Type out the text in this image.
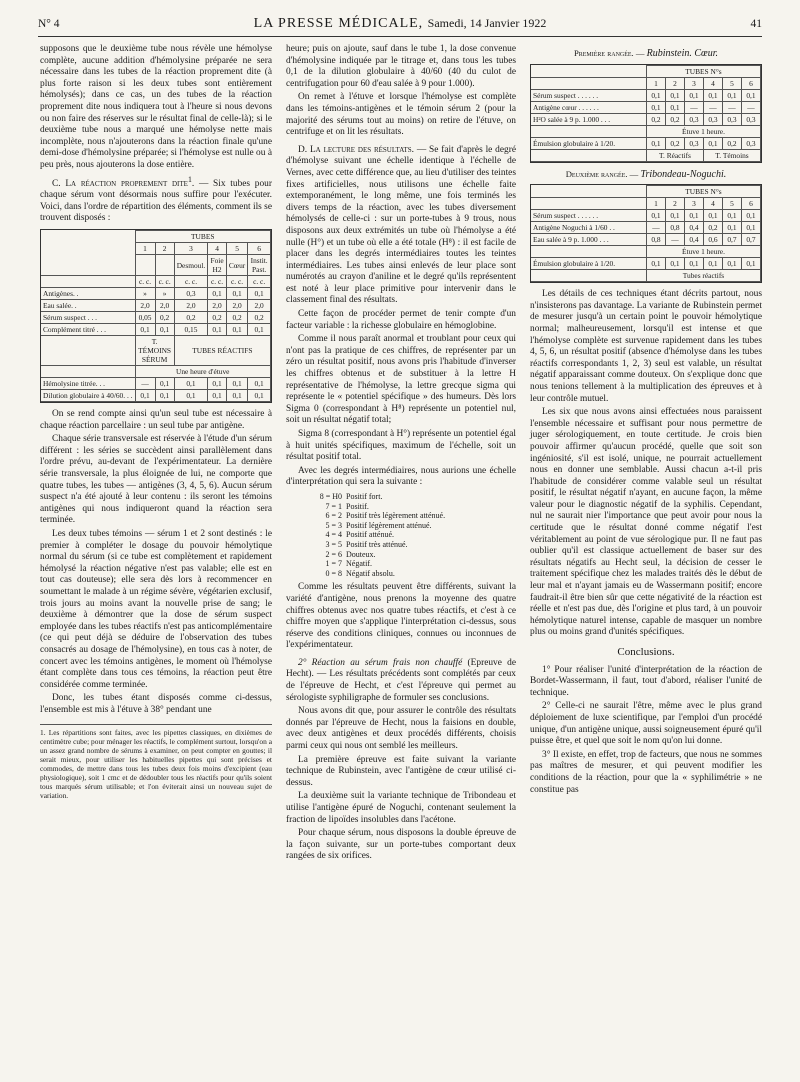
N° 4	LA PRESSE MÉDICALE, Samedi, 14 Janvier 1922	41

supposons que le deuxième tube nous révèle une hémolyse complète, aucune addition d'hémolysine préparée ne sera nécessaire dans les tubes de la réaction proprement dite (à plus forte raison si les deux tubes sont entièrement hémolysés); dans ce cas, un des tubes de la réaction proprement dite nous indiquera tout à l'heure si nous devons ou non faire des réserves sur le résultat final de celle-là); si le deuxième tube nous a marqué une hémolyse nette mais incomplète, nous n'ajouterons dans la réaction finale qu'une demi-dose d'hémolysine préparée; si l'hémolyse est nulle ou à peu près, nous ajouterons la dose entière.

C. La réaction proprement dite$^1$. — Six tubes pour chaque sérum vont désormais nous suffire pour l'exécuter. Voici, dans l'ordre de répartition des éléments, comment ils se trouvent disposés :

	TUBES					
	1	2	3	4	5	6
			Desmoul.	Foie H2	Cœur	Instit. Past.
	c. c.	c. c.	c. c.	c. c.	c. c.	c. c.
Antigènes. .	»	»	0,3	0,1	0,1	0,1
Eau salée. .	2,0	2,0	2,0	2,0	2,0	2,0
Sérum suspect . . .	0,05	0,2	0,2	0,2	0,2	0,2
Complément titré . . .	0,1	0,1	0,15	0,1	0,1	0,1
	T. TÉMOINS SÉRUM		TUBES RÉACTIFS			
	Une heure d'étuve					
Hémolysine titrée. . .	—	0,1	0,1	0,1	0,1	0,1
Dilution globulaire à 40/60. . .	0,1	0,1	0,1	0,1	0,1	0,1

On se rend compte ainsi qu'un seul tube est nécessaire à chaque réaction parcellaire : un seul tube par antigène.

Chaque série transversale est réservée à l'étude d'un sérum différent : les séries se succèdent ainsi parallèlement dans l'ordre prévu, au-devant de l'expérimentateur. La dernière série transversale, la plus éloignée de lui, ne comporte que quatre tubes, les tubes — antigènes (3, 4, 5, 6). Aucun sérum suspect n'a été ajouté à leur contenu : ils seront les témoins antigènes qui nous indiqueront quand la réaction sera terminée.

Les deux tubes témoins — sérum 1 et 2 sont destinés : le premier à compléter le dosage du pouvoir hémolytique normal du sérum (si ce tube est complètement et rapidement hémolysé la réaction négative n'est pas valable; elle est en tout cas douteuse); elle sera dès lors à recommencer en soumettant le malade à un régime sévère, végétarien exclusif, trois jours au moins avant la nouvelle prise de sang; le deuxième à démontrer que la dose de sérum suspect employée dans les tubes réactifs n'est pas anticomplémentaire (ce qui peut déjà se déduire de l'observation des tubes consacrés au dosage de l'hémolysine), en tous cas à noter, de concert avec les témoins antigènes, le moment où l'hémolyse étant complète dans tous ces témoins, la réaction peut être considérée comme terminée.

Donc, les tubes étant disposés comme ci-dessus, l'ensemble est mis à l'étuve à 38° pendant une

1. Les répartitions sont faites, avec les pipettes classiques, en dixièmes de centimètre cube; pour ménager les réactifs, le complément surtout, lorsqu'on a un assez grand nombre de sérums à examiner, on peut compter en gouttes; il serait mieux, pour utiliser les habituelles pipettes qui sont précises et commodes, de mettre dans tous les tubes deux fois moins d'excipient (eau physiologique), soit 1 cmc et de dédoubler tous les réactifs pour qu'ils soient tous marqués sérum utilisable; et l'on éviterait ainsi un nouveau sujet de variation.

heure; puis on ajoute, sauf dans le tube 1, la dose convenue d'hémolysine indiquée par le titrage et, dans tous les tubes 0,1 de la dilution globulaire à 40/60 (40 du culot de centrifugation pour 60 d'eau salée à 9 pour 1.000).

On remet à l'étuve et lorsque l'hémolyse est complète dans les témoins-antigènes et le témoin sérum 2 (pour la majorité des sérums tout au moins) on retire de l'étuve, on centrifuge et on lit les résultats.

D. La lecture des résultats. — Se fait d'après le degré d'hémolyse suivant une échelle identique à l'échelle de Vernes, avec cette différence que, au lieu d'utiliser des teintes fixes artificielles, nous utilisons une échelle faite extemporanément, le long même, une fois terminés les divers temps de la réaction, avec les tubes diversement hémolysés de celle-ci : sur un porte-tubes à 9 trous, nous disposons aux deux extrémités un tube où l'hémolyse a été nulle (H°) et un tube où elle a été totale (H⁸) : il est facile de placer dans les degrés intermédiaires toutes les teintes intermédiaires. Les tubes ainsi enlevés de leur place sont numérotés au crayon d'aniline et le degré qu'ils représentent est noté à leur place primitive pour intervenir dans le classement final des résultats.

Cette façon de procéder permet de tenir compte d'un facteur variable : la richesse globulaire en hémoglobine.

Comme il nous paraît anormal et troublant pour ceux qui n'ont pas la pratique de ces chiffres, de représenter par un zéro un résultat positif, nous avons pris l'habitude d'inverser les chiffres obtenus et de substituer à la lettre H représentative de l'hémolyse, la lettre grecque sigma qui représente le « potentiel spécifique » des humeurs. Dès lors Sigma 0 (correspondant à H⁸) représente un potentiel nul, soit un résultat négatif total;

Sigma 8 (correspondant à H°) représente un potentiel égal à huit unités spécifiques, maximum de l'échelle, soit un résultat positif total.

Avec les degrés intermédiaires, nous aurions une échelle d'interprétation qui sera la suivante :

8 = H0	Positif fort.
7 = 1	Positif.
6 = 2	Positif très légèrement atténué.
5 = 3	Positif légèrement atténué.
4 = 4	Positif atténué.
3 = 5	Positif très atténué.
2 = 6	Douteux.
1 = 7	Négatif.
0 = 8	Négatif absolu.

Comme les résultats peuvent être différents, suivant la variété d'antigène, nous prenons la moyenne des quatre chiffres obtenus avec nos quatre tubes réactifs, et c'est à ce chiffre moyen que s'applique l'interprétation ci-dessus, sous réserve des conditions cliniques, connues ou inconnues de l'expérimentateur.

2° Réaction au sérum frais non chauffé (Epreuve de Hecht). — Les résultats précédents sont complétés par ceux de l'épreuve de Hecht, et c'est l'épreuve qui permet au sérologiste syphiligraphe de formuler ses conclusions.

Nous avons dit que, pour assurer le contrôle des résultats donnés par l'épreuve de Hecht, nous la faisions en double, avec deux antigènes et deux procédés différents, choisis parmi ceux qui nous ont semblé les meilleurs.

La première épreuve est faite suivant la variante technique de Rubinstein, avec l'antigène de cœur utilisé ci-dessus.

La deuxième suit la variante technique de Tribondeau et utilise l'antigène épuré de Noguchi, contenant seulement la fraction de lipoïdes insolubles dans l'acétone.

Pour chaque sérum, nous disposons la double épreuve de la façon suivante, sur un porte-tubes comportant deux rangées de six orifices.

Première rangée. — Rubinstein. Cœur.
	TUBES N°s					
	1	2	3	4	5	6
Sérum suspect . . . . . .	0,1	0,1	0,1	0,1	0,1	0,1
Antigène cœur . . . . . .	0,1	0,1	—	—	—	—
H²O salée à 9 p. 1.000 . . .	0,2	0,2	0,3	0,3	0,3	0,3
	Étuve 1 heure.					
Émulsion globulaire à 1/20.	0,1	0,2	0,3	0,1	0,2	0,3
	T. Réactifs			T. Témoins		
Deuxième rangée. — Tribondeau-Noguchi.
	TUBES N°s					
	1	2	3	4	5	6
Sérum suspect . . . . . .	0,1	0,1	0,1	0,1	0,1	0,1
Antigène Noguchi à 1/60 . .	—	0,8	0,4	0,2	0,1	0,1
Eau salée à 9 p. 1.000 . . .	0,8	—	0,4	0,6	0,7	0,7
	Étuve 1 heure.					
Émulsion globulaire à 1/20.	0,1	0,1	0,1	0,1	0,1	0,1
	Tubes réactifs					

Les détails de ces techniques étant décrits partout, nous n'insisterons pas davantage. La variante de Rubinstein permet de mesurer jusqu'à un certain point le pouvoir hémolytique normal; malheureusement, lorsqu'il est intense et que l'hémolyse complète est survenue rapidement dans les tubes 4, 5, 6, un résultat positif (absence d'hémolyse dans les tubes réactifs correspondants 1, 2, 3) seul est valable, un résultat négatif apparaissant comme douteux. On s'explique donc que nous tenions tellement à la multiplication des épreuves et à leur contrôle mutuel.

Les six que nous avons ainsi effectuées nous paraissent l'ensemble nécessaire et suffisant pour nous permettre de juger sérologiquement, en toute certitude. Je crois bien pouvoir affirmer qu'aucun procédé, quelle que soit son ingéniosité, s'il est isolé, unique, ne pourrait actuellement nous en donner une semblable. Aussi chacun a-t-il pris l'habitude de considérer comme valable seul un résultat positif, le résultat négatif n'ayant, en aucune façon, la même valeur pour le diagnostic négatif de la syphilis. Cependant, nul ne saurait nier l'importance que peut avoir pour nous la certitude que le résultat donné comme négatif l'est véritablement au point de vue sérologique pur. Il ne faut pas oublier qu'il est classique actuellement de baser sur des résultats négatifs au Hecht seul, la décision de cesser le traitement spécifique chez les malades traités dès le début de leur mal et n'ayant jamais eu de Wassermann positif; encore faudrait-il être bien sûr que cette négativité de la réaction est réelle et n'est pas due, dès l'origine et plus tard, à un pouvoir hémolytique naturel intense, capable de masquer un nombre plus ou moins grand d'unités spécifiques.

Conclusions.

1° Pour réaliser l'unité d'interprétation de la réaction de Bordet-Wassermann, il faut, tout d'abord, réaliser l'unité de technique.

2° Celle-ci ne saurait l'être, même avec le plus grand déploiement de luxe scientifique, par l'emploi d'un procédé unique, d'un antigène unique, aussi soigneusement épuré qu'il puisse être, et quel que soit le nom qu'on lui donne.

3° Il existe, en effet, trop de facteurs, que nous ne sommes pas maîtres de mesurer, et qui peuvent modifier les conditions de la réaction, pour que la « syphilimétrie » ne constitue pas
